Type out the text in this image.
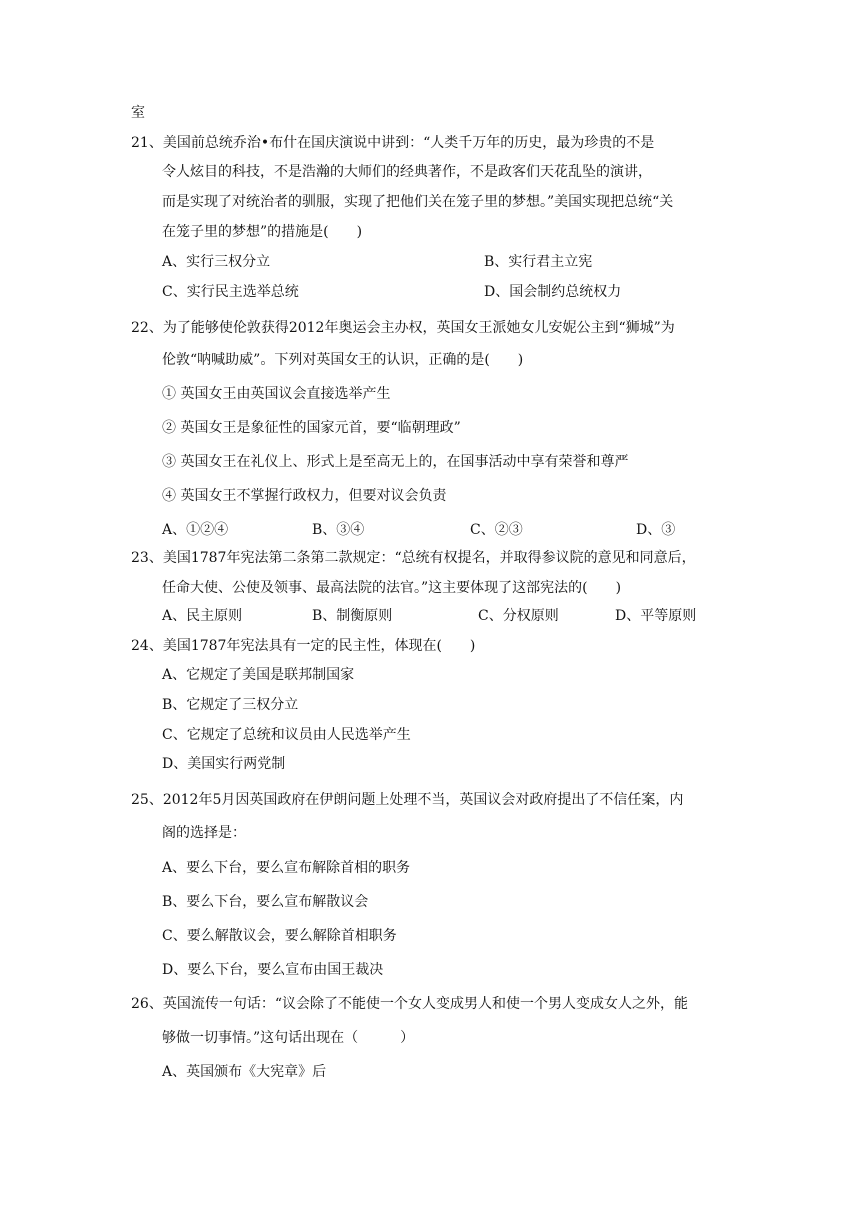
室
21、美国前总统乔治•布什在国庆演说中讲到：“人类千万年的历史，最为珍贵的不是
令人炫目的科技，不是浩瀚的大师们的经典著作，不是政客们天花乱坠的演讲，
而是实现了对统治者的驯服，实现了把他们关在笼子里的梦想。”美国实现把总统“关
在笼子里的梦想”的措施是(　　)
A、实行三权分立	B、实行君主立宪
C、实行民主选举总统	D、国会制约总统权力
22、为了能够使伦敦获得2012年奥运会主办权，英国女王派她女儿安妮公主到“狮城”为
伦敦“呐喊助威”。下列对英国女王的认识，正确的是(　　)
① 英国女王由英国议会直接选举产生
② 英国女王是象征性的国家元首，要“临朝理政”
③ 英国女王在礼仪上、形式上是至高无上的，在国事活动中享有荣誉和尊严
④ 英国女王不掌握行政权力，但要对议会负责
A、①②④	B、③④	C、②③	D、③
23、美国1787年宪法第二条第二款规定：“总统有权提名，并取得参议院的意见和同意后，
任命大使、公使及领事、最高法院的法官。”这主要体现了这部宪法的(　　)
A、民主原则	B、制衡原则	C、分权原则	D、平等原则
24、美国1787年宪法具有一定的民主性，体现在(　　)
A、它规定了美国是联邦制国家
B、它规定了三权分立
C、它规定了总统和议员由人民选举产生
D、美国实行两党制
25、2012年5月因英国政府在伊朗问题上处理不当，英国议会对政府提出了不信任案，内
阁的选择是：
A、要么下台，要么宣布解除首相的职务
B、要么下台，要么宣布解散议会
C、要么解散议会，要么解除首相职务
D、要么下台，要么宣布由国王裁决
26、英国流传一句话：“议会除了不能使一个女人变成男人和使一个男人变成女人之外，能
够做一切事情。”这句话出现在（　　　）
A、英国颁布《大宪章》后
